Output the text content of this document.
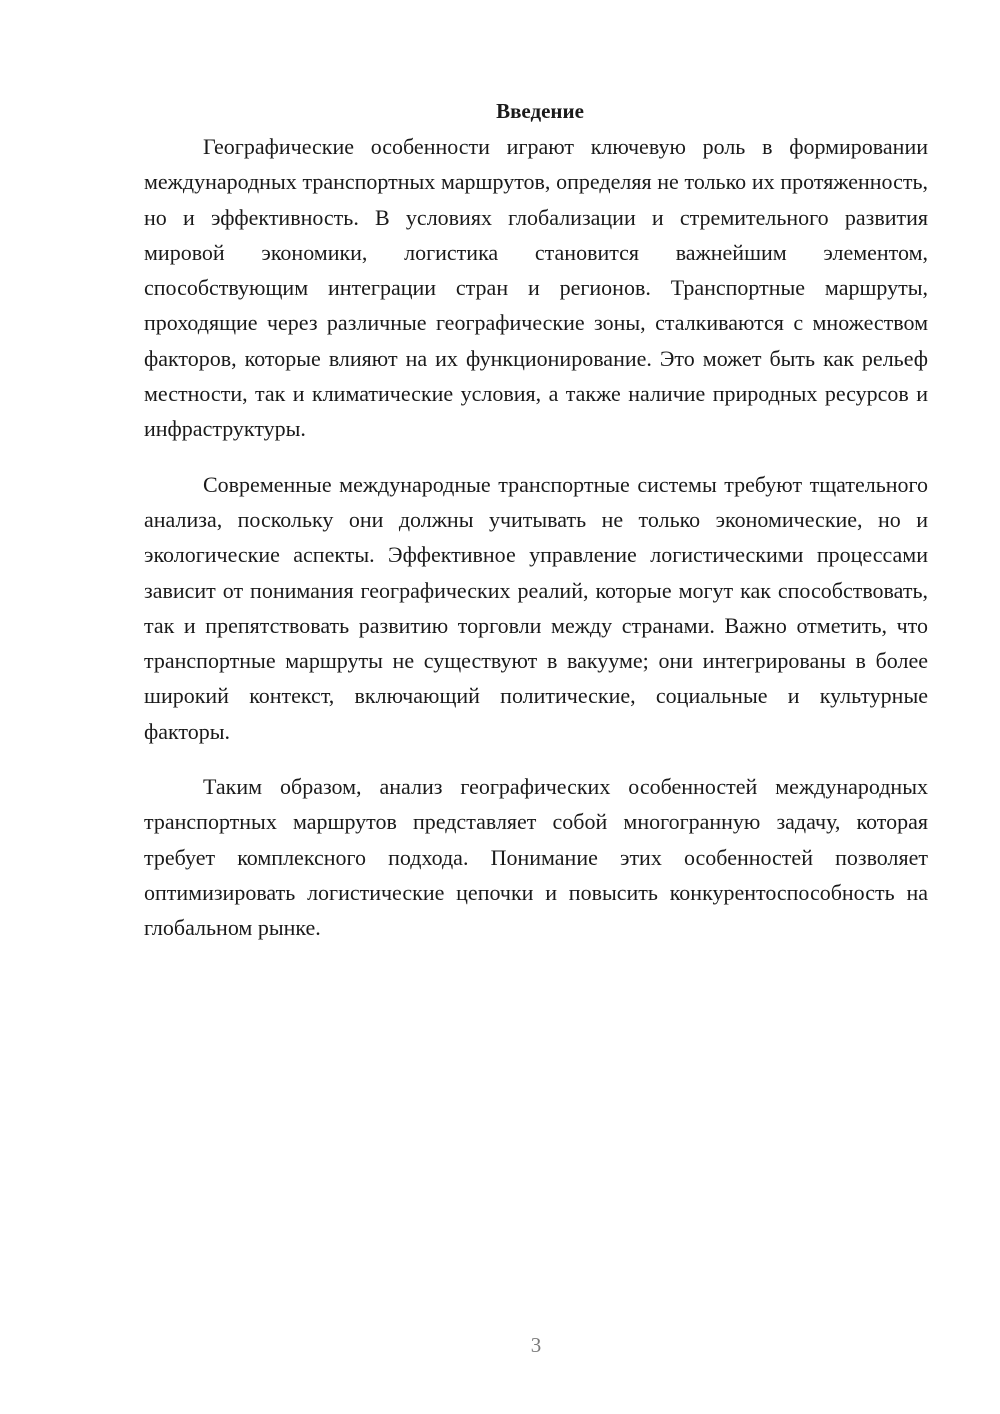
Введение

Географические особенности играют ключевую роль в формировании международных транспортных маршрутов, определяя не только их протяженность, но и эффективность. В условиях глобализации и стремительного развития мировой экономики, логистика становится важнейшим элементом, способствующим интеграции стран и регионов. Транспортные маршруты, проходящие через различные географические зоны, сталкиваются с множеством факторов, которые влияют на их функционирование. Это может быть как рельеф местности, так и климатические условия, а также наличие природных ресурсов и инфраструктуры.

Современные международные транспортные системы требуют тщательного анализа, поскольку они должны учитывать не только экономические, но и экологические аспекты. Эффективное управление логистическими процессами зависит от понимания географических реалий, которые могут как способствовать, так и препятствовать развитию торговли между странами. Важно отметить, что транспортные маршруты не существуют в вакууме; они интегрированы в более широкий контекст, включающий политические, социальные и культурные факторы.

Таким образом, анализ географических особенностей международных транспортных маршрутов представляет собой многогранную задачу, которая требует комплексного подхода. Понимание этих особенностей позволяет оптимизировать логистические цепочки и повысить конкурентоспособность на глобальном рынке.

3
